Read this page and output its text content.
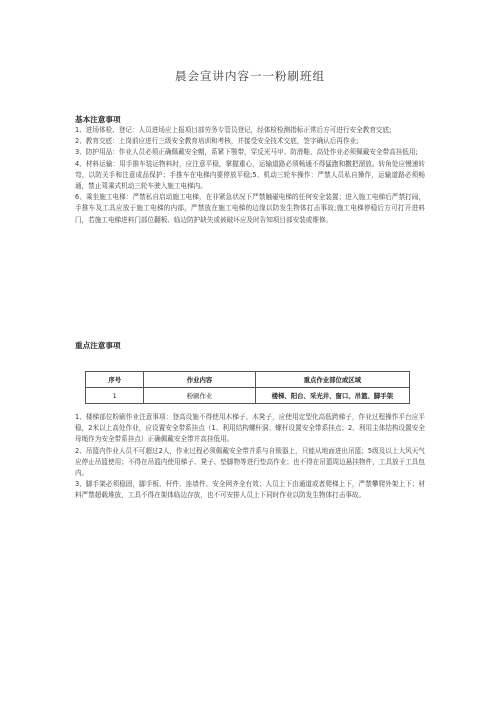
晨会宣讲内容一一粉刷班组
基本注意事项

1、进场体检、登记：人员进场应上报项目部劳务专管员登记，经体检检测指标正常后方可进行安全教育交底;

2、教育交底：上岗前应进行三级安全教育培训和考核，并接受安全技术交底，签字确认后再作业;

3、防护用品：作业人员必须正确佩戴安全帽，系紧下颚带，穿反光马甲、防滑鞋、高处作业必须佩戴安全带高挂低用;

4、材料运输：用手推车装运物料时，应注意平稳，掌握重心，运输道路必须畅通不得猛跑和撒把溜放。转角处应慢速转弯，以防关手和注意成品保护；手推车在电梯内要停放平稳;5、机动三轮车操作：严禁人员私自操作，运输道路必须畅通，禁止驾乘式机动三轮车驶入施工电梯内。

6、乘坐施工电梯：严禁私自启动施工电梯，在非紧急状况下严禁触碰电梯的任何安全装置；进入施工电梯后严禁打闹，手推车及工具应放于施工电梯的内部，严禁放在施工电梯的边缘以防发生物体打击事故;施工电梯停稳后方可打开进料门，若施工电梯进料门部位翻板、临边防护缺失或被破坏应及时告知项目部安装或维修。

重点注意事项
序号	作业内容	重点作业部位或区域
1	粉刷作业	楼梯、阳台、采光井、窗口、吊篮、脚手架

1、楼梯部位粉刷作业注意事项：登高设施不得使用木梯子、木凳子，应使用定型化高低跨梯子，作业过程操作平台应平稳，2米以上高处作业，应设置安全带系挂点（1、利用结构螺杆洞、螺杆设置安全带系挂点；2、利用主体结构设置安全母绳作为安全带系挂点）正确佩戴安全带并高挂低用。

2、吊篮内作业人员不可超过2人，作业过程必须佩戴安全带并系与自锁器上，只能从地面进出吊篮；5级及以上大风天气应停止吊篮使用；不得在吊篮内使用梯子、凳子、垫脚物等进行垫高作业；也不得在吊篮周边悬挂物件，工具放于工具包内。

3、脚手架必须稳固，脚手板、杆件、连墙件、安全网齐全有效；人员上下由通道或者爬梯上下，严禁攀爬外架上下；材料严禁超载堆放，工具不得在架体临边存放，也不可安排人员上下同时作业以防发生物体打击事故。
